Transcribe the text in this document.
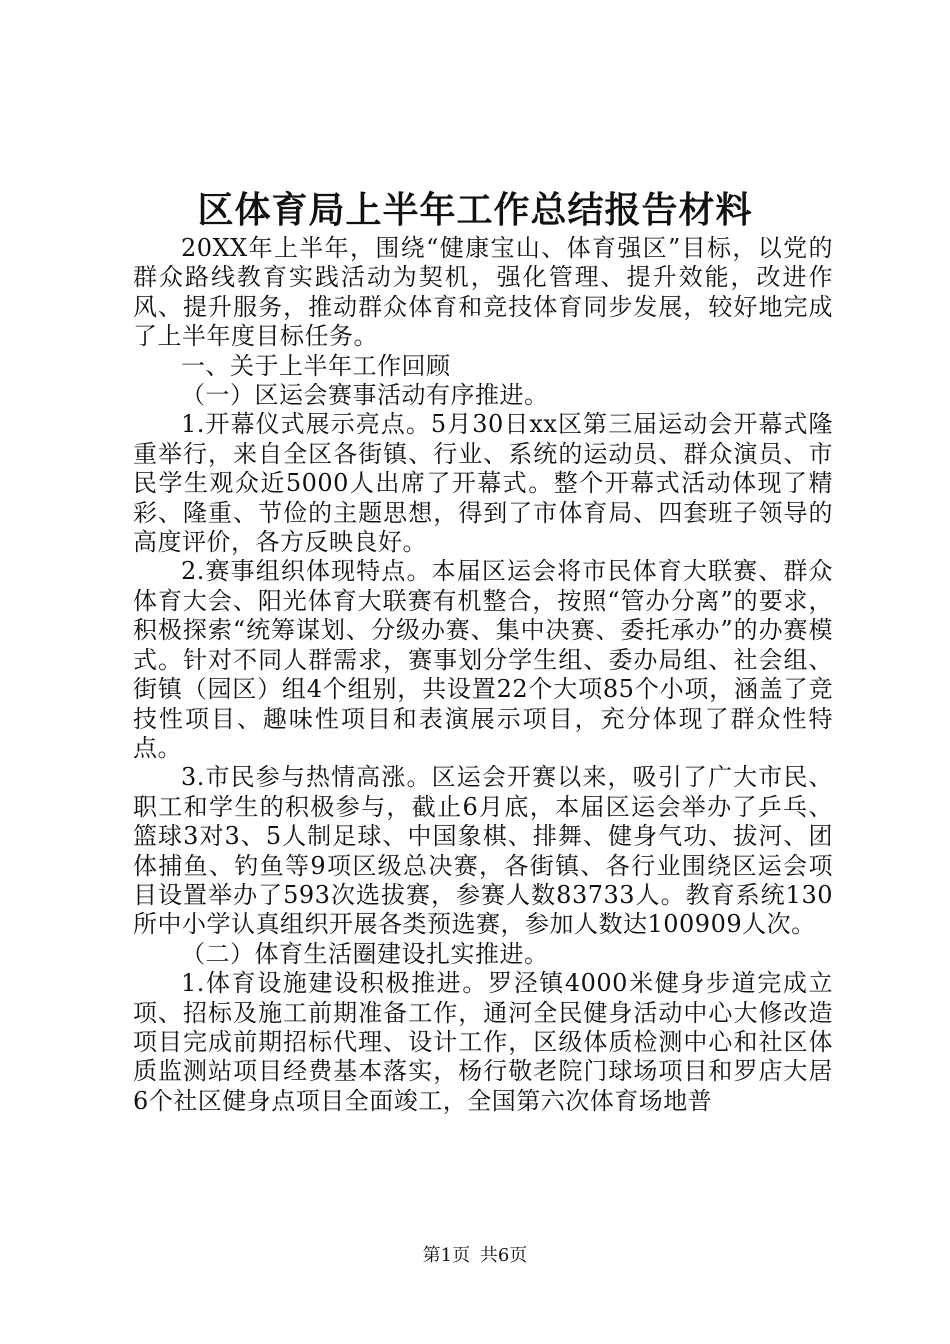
区体育局上半年工作总结报告材料

20XX年上半年，围绕“健康宝山、体育强区”目标，以党的群众路线教育实践活动为契机，强化管理、提升效能，改进作风、提升服务，推动群众体育和竞技体育同步发展，较好地完成了上半年度目标任务。

一、关于上半年工作回顾

（一）区运会赛事活动有序推进。

1.开幕仪式展示亮点。5月30日xx区第三届运动会开幕式隆重举行，来自全区各街镇、行业、系统的运动员、群众演员、市民学生观众近5000人出席了开幕式。整个开幕式活动体现了精彩、隆重、节俭的主题思想，得到了市体育局、四套班子领导的高度评价，各方反映良好。

2.赛事组织体现特点。本届区运会将市民体育大联赛、群众体育大会、阳光体育大联赛有机整合，按照“管办分离”的要求，积极探索“统筹谋划、分级办赛、集中决赛、委托承办”的办赛模式。针对不同人群需求，赛事划分学生组、委办局组、社会组、街镇（园区）组4个组别，共设置22个大项85个小项，涵盖了竞技性项目、趣味性项目和表演展示项目，充分体现了群众性特点。

3.市民参与热情高涨。区运会开赛以来，吸引了广大市民、职工和学生的积极参与，截止6月底，本届区运会举办了乒乓、篮球3对3、5人制足球、中国象棋、排舞、健身气功、拔河、团体捕鱼、钓鱼等9项区级总决赛，各街镇、各行业围绕区运会项目设置举办了593次选拔赛，参赛人数83733人。教育系统130所中小学认真组织开展各类预选赛，参加人数达100909人次。

（二）体育生活圈建设扎实推进。

1.体育设施建设积极推进。罗泾镇4000米健身步道完成立项、招标及施工前期准备工作，通河全民健身活动中心大修改造项目完成前期招标代理、设计工作，区级体质检测中心和社区体质监测站项目经费基本落实，杨行敬老院门球场项目和罗店大居6个社区健身点项目全面竣工，全国第六次体育场地普

第1页 共6页
